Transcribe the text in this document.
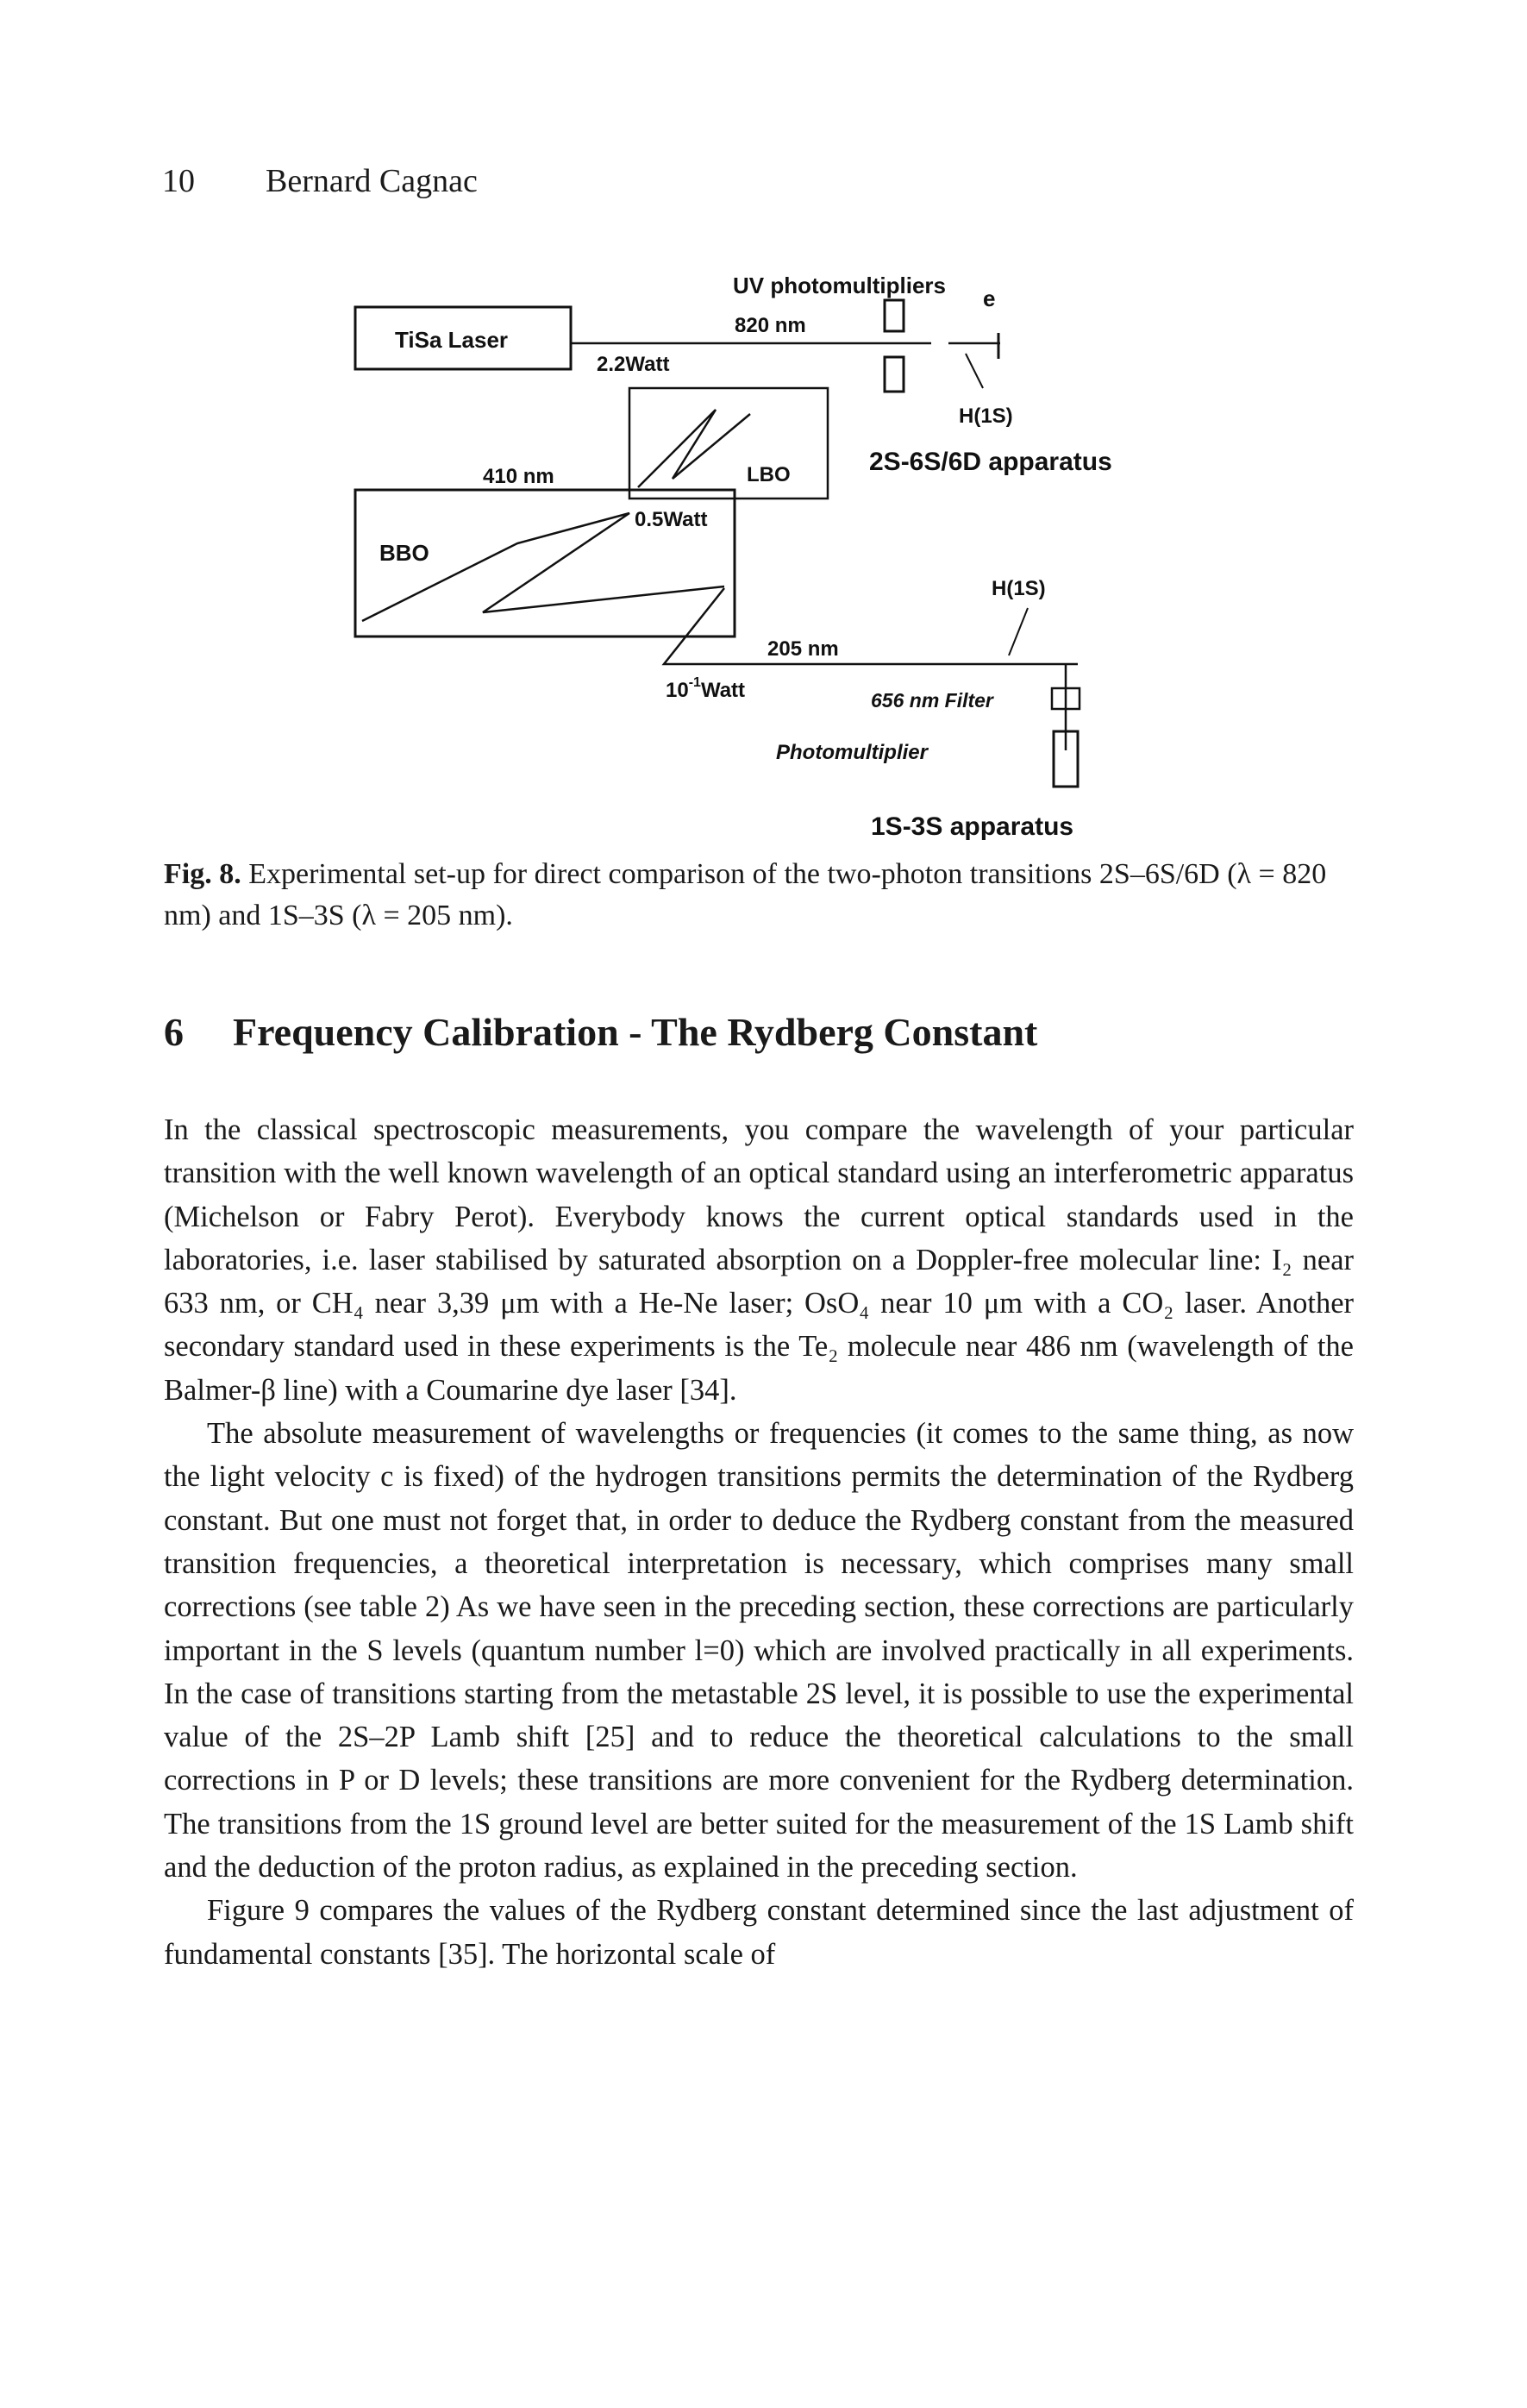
10 Bernard Cagnac
TiSa Laser
UV photomultipliers
820 nm
2.2Watt
e
H(1S)
2S-6S/6D apparatus
LBO
410 nm
BBO
0.5Watt
205 nm
$10^{-1}Watt$
H(1S)
656 nm Filter
Photomultiplier
1S-3S apparatus
Fig. 8. Experimental set-up for direct comparison of the two-photon transitions 2S–6S/6D (λ = 820 nm) and 1S–3S (λ = 205 nm).
6 Frequency Calibration - The Rydberg Constant

In the classical spectroscopic measurements, you compare the wavelength of your particular transition with the well known wavelength of an optical standard using an interferometric apparatus (Michelson or Fabry Perot). Everybody knows the current optical standards used in the laboratories, i.e. laser stabilised by saturated absorption on a Doppler-free molecular line: I₂ near 633 nm, or CH₄ near 3,39 μm with a He-Ne laser; OsO₄ near 10 μm with a CO₂ laser. Another secondary standard used in these experiments is the Te₂ molecule near 486 nm (wavelength of the Balmer-β line) with a Coumarine dye laser [34].

The absolute measurement of wavelengths or frequencies (it comes to the same thing, as now the light velocity c is fixed) of the hydrogen transitions permits the determination of the Rydberg constant. But one must not forget that, in order to deduce the Rydberg constant from the measured transition frequencies, a theoretical interpretation is necessary, which comprises many small corrections (see table 2) As we have seen in the preceding section, these corrections are particularly important in the S levels (quantum number l=0) which are involved practically in all experiments. In the case of transitions starting from the metastable 2S level, it is possible to use the experimental value of the 2S–2P Lamb shift [25] and to reduce the theoretical calculations to the small corrections in P or D levels; these transitions are more convenient for the Rydberg determination. The transitions from the 1S ground level are better suited for the measurement of the 1S Lamb shift and the deduction of the proton radius, as explained in the preceding section.

Figure 9 compares the values of the Rydberg constant determined since the last adjustment of fundamental constants [35]. The horizontal scale of
